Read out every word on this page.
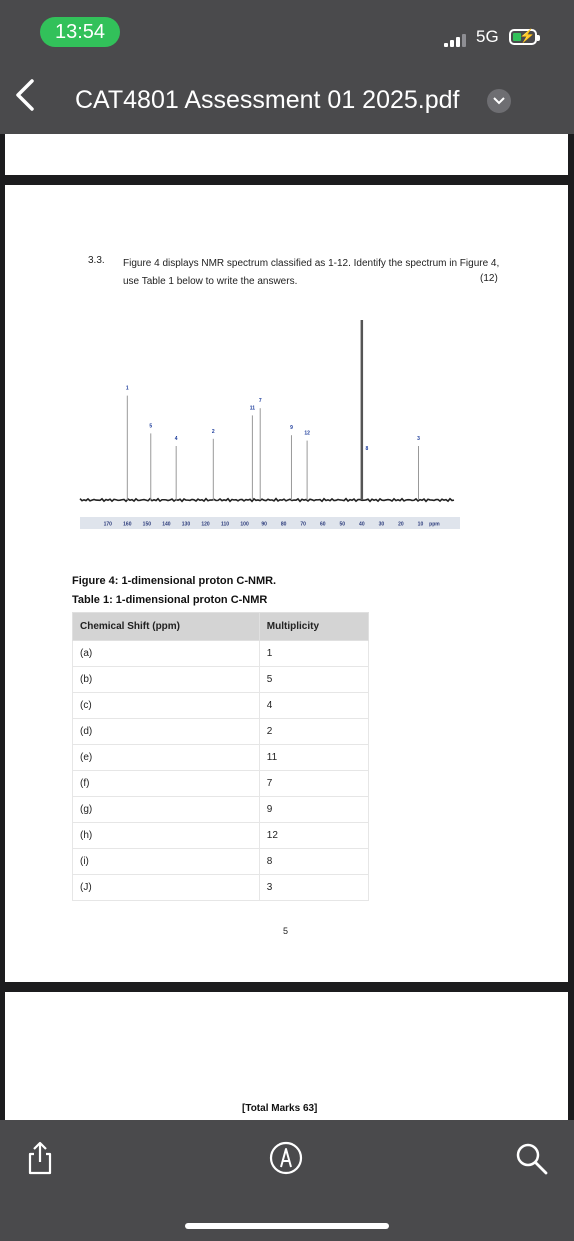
13:54	5G ⚡
CAT4801 Assessment 01 2025.pdf
3.3. Figure 4 displays NMR spectrum classified as 1-12. Identify the spectrum in Figure 4, use Table 1 below to write the answers.	(12)
1
5
4
2
11
7
9
12
8
3
170 160 150 140 130 120 110 100	90	80	70	60	50	40	30	20	10 ppm
Figure 4: 1-dimensional proton C-NMR.
Table 1: 1-dimensional proton C-NMR
Chemical Shift (ppm)	Multiplicity
(a)	1
(b)	5
(c)	4
(d)	2
(e)	11
(f)	7
(g)	9
(h)	12
(i)	8
(J)	3
5
[Total Marks 63]
